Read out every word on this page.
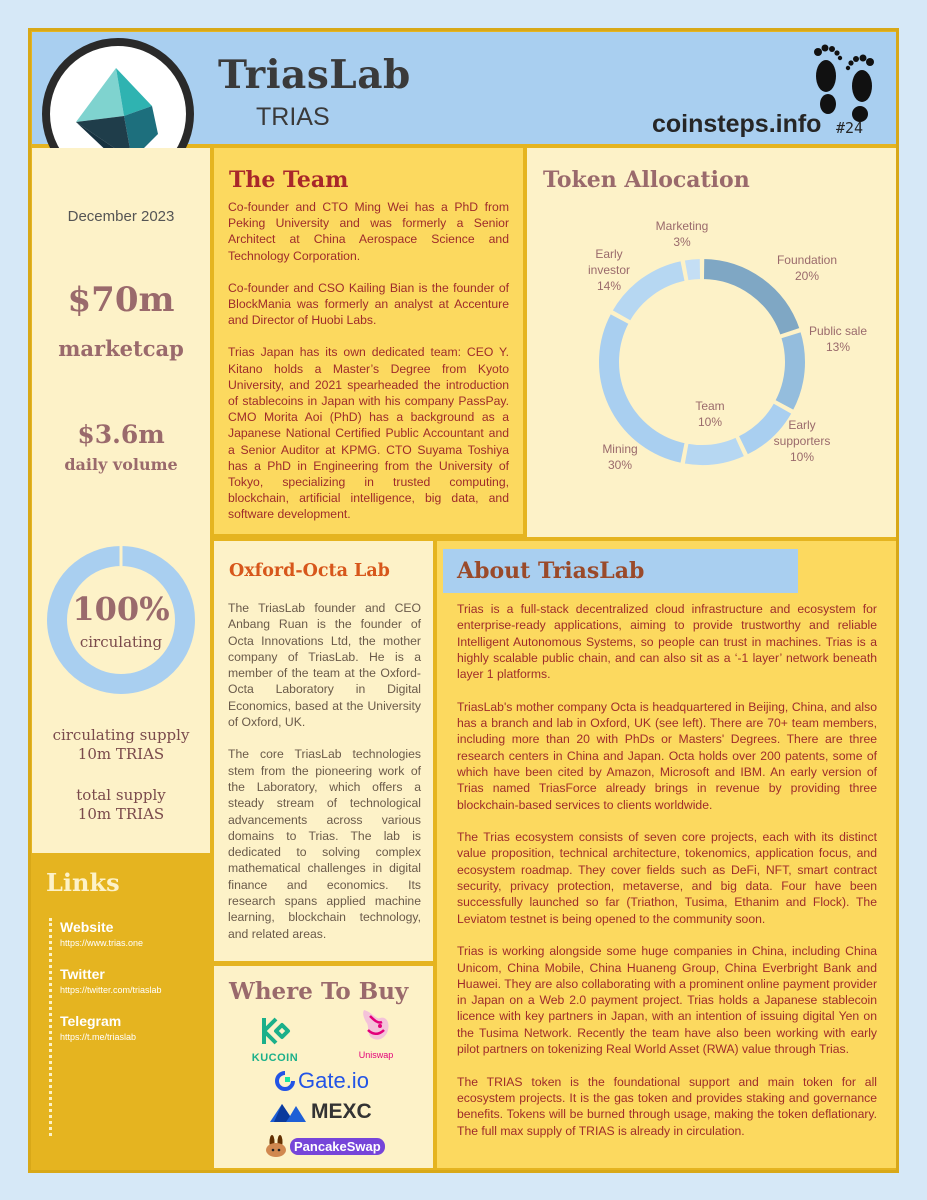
TriasLab
TRIAS	coinsteps.info #24
December 2023
$70m
marketcap
$3.6m
daily volume
100%
circulating
circulating supply
10m TRIAS
total supply
10m TRIAS
Links
Website
https://www.trias.one
Twitter
https://twitter.com/triaslab
Telegram
https://t.me/triaslab
The Team

Co-founder and CTO Ming Wei has a PhD from Peking University and was formerly a Senior Architect at China Aerospace Science and Technology Corporation.

Co-founder and CSO Kailing Bian is the founder of BlockMania was formerly an analyst at Accenture and Director of Huobi Labs.

Trias Japan has its own dedicated team: CEO Y. Kitano holds a Master’s Degree from Kyoto University, and 2021 spearheaded the introduction of stablecoins in Japan with his company PassPay. CMO Morita Aoi (PhD) has a background as a Japanese National Certified Public Accountant and a Senior Auditor at KPMG. CTO Suyama Toshiya has a PhD in Engineering from the University of Tokyo, specializing in trusted computing, blockchain, artificial intelligence, big data, and software development.

Token Allocation
Foundation 20%
Public sale 13%
Early supporters 10%
Team 10%
Mining 30%
Early investor 14%
Marketing 3%
Oxford-Octa Lab

The TriasLab founder and CEO Anbang Ruan is the founder of Octa Innovations Ltd, the mother company of TriasLab. He is a member of the team at the Oxford-Octa Laboratory in Digital Economics, based at the University of Oxford, UK.

The core TriasLab technologies stem from the pioneering work of the Laboratory, which offers a steady stream of technological advancements across various domains to Trias. The lab is dedicated to solving complex mathematical challenges in digital finance and economics. Its research spans applied machine learning, blockchain technology, and related areas.

Where To Buy
KUCOIN	Uniswap
Gate.io
MEXC
PancakeSwap
About TriasLab

Trias is a full-stack decentralized cloud infrastructure and ecosystem for enterprise-ready applications, aiming to provide trustworthy and reliable Intelligent Autonomous Systems, so people can trust in machines. Trias is a highly scalable public chain, and can also sit as a ‘-1 layer’ network beneath layer 1 platforms.

TriasLab's mother company Octa is headquartered in Beijing, China, and also has a branch and lab in Oxford, UK (see left). There are 70+ team members, including more than 20 with PhDs or Masters' Degrees. There are three research centers in China and Japan. Octa holds over 200 patents, some of which have been cited by Amazon, Microsoft and IBM. An early version of Trias named TriasForce already brings in revenue by providing three blockchain-based services to clients worldwide.

The Trias ecosystem consists of seven core projects, each with its distinct value proposition, technical architecture, tokenomics, application focus, and ecosystem roadmap. They cover fields such as DeFi, NFT, smart contract security, privacy protection, metaverse, and big data. Four have been successfully launched so far (Triathon, Tusima, Ethanim and Flock). The Leviatom testnet is being opened to the community soon.

Trias is working alongside some huge companies in China, including China Unicom, China Mobile, China Huaneng Group, China Everbright Bank and Huawei. They are also collaborating with a prominent online payment provider in Japan on a Web 2.0 payment project. Trias holds a Japanese stablecoin licence with key partners in Japan, with an intention of issuing digital Yen on the Tusima Network. Recently the team have also been working with early pilot partners on tokenizing Real World Asset (RWA) value through Trias.

The TRIAS token is the foundational support and main token for all ecosystem projects. It is the gas token and provides staking and governance benefits. Tokens will be burned through usage, making the token deflationary. The full max supply of TRIAS is already in circulation.
